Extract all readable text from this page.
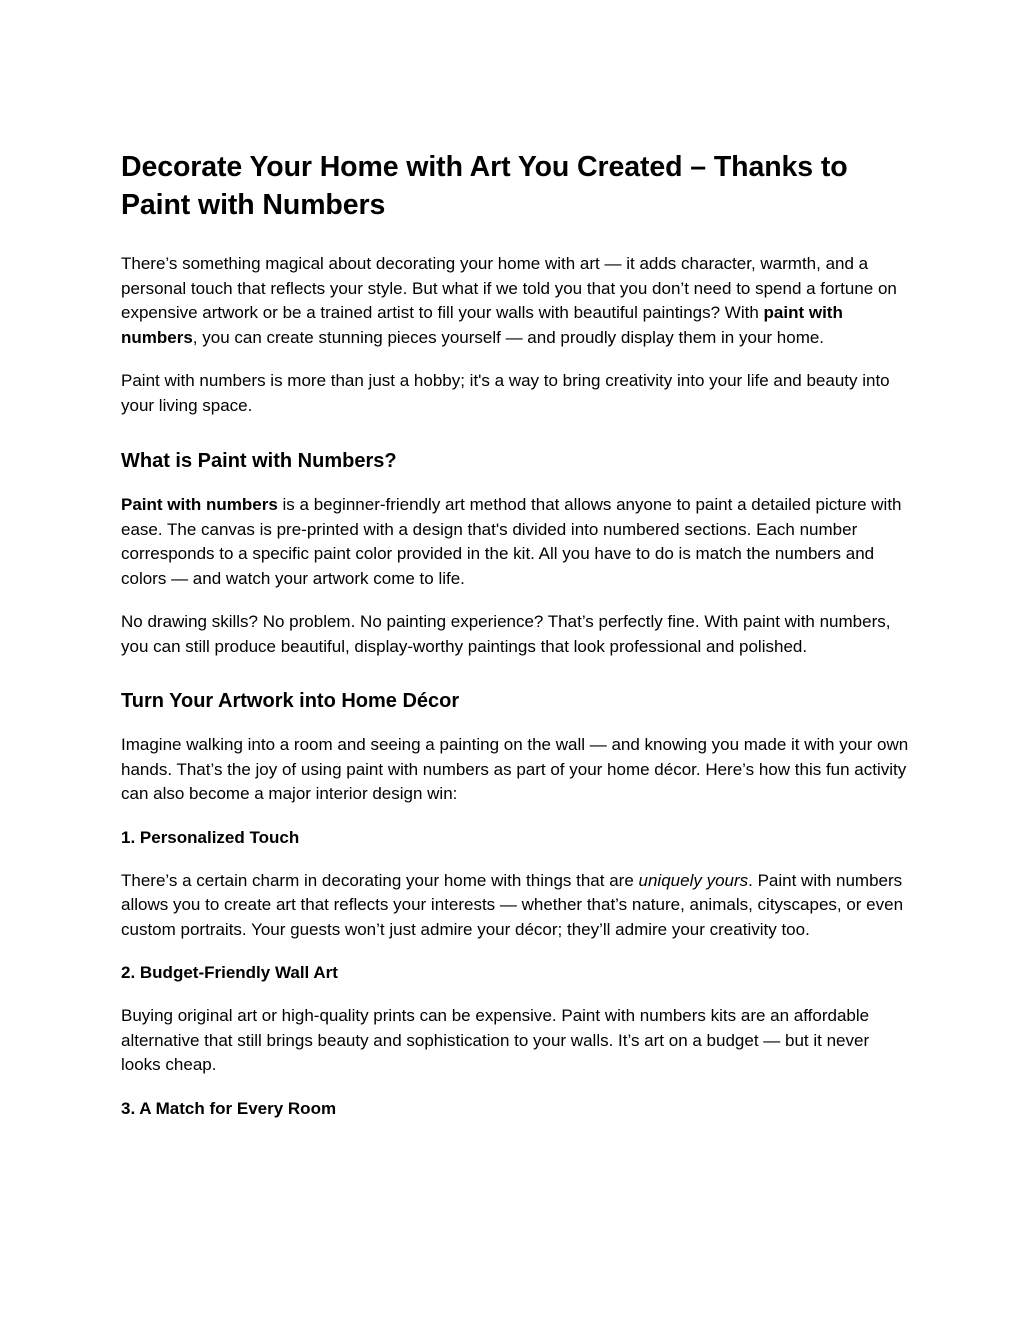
Decorate Your Home with Art You Created – Thanks to Paint with Numbers

There’s something magical about decorating your home with art — it adds character, warmth, and a personal touch that reflects your style. But what if we told you that you don’t need to spend a fortune on expensive artwork or be a trained artist to fill your walls with beautiful paintings? With paint with numbers, you can create stunning pieces yourself — and proudly display them in your home.

Paint with numbers is more than just a hobby; it's a way to bring creativity into your life and beauty into your living space.

What is Paint with Numbers?

Paint with numbers is a beginner-friendly art method that allows anyone to paint a detailed picture with ease. The canvas is pre-printed with a design that's divided into numbered sections. Each number corresponds to a specific paint color provided in the kit. All you have to do is match the numbers and colors — and watch your artwork come to life.

No drawing skills? No problem. No painting experience? That’s perfectly fine. With paint with numbers, you can still produce beautiful, display-worthy paintings that look professional and polished.

Turn Your Artwork into Home Décor

Imagine walking into a room and seeing a painting on the wall — and knowing you made it with your own hands. That’s the joy of using paint with numbers as part of your home décor. Here’s how this fun activity can also become a major interior design win:

1. Personalized Touch

There’s a certain charm in decorating your home with things that are uniquely yours. Paint with numbers allows you to create art that reflects your interests — whether that’s nature, animals, cityscapes, or even custom portraits. Your guests won’t just admire your décor; they’ll admire your creativity too.

2. Budget-Friendly Wall Art

Buying original art or high-quality prints can be expensive. Paint with numbers kits are an affordable alternative that still brings beauty and sophistication to your walls. It’s art on a budget — but it never looks cheap.

3. A Match for Every Room
